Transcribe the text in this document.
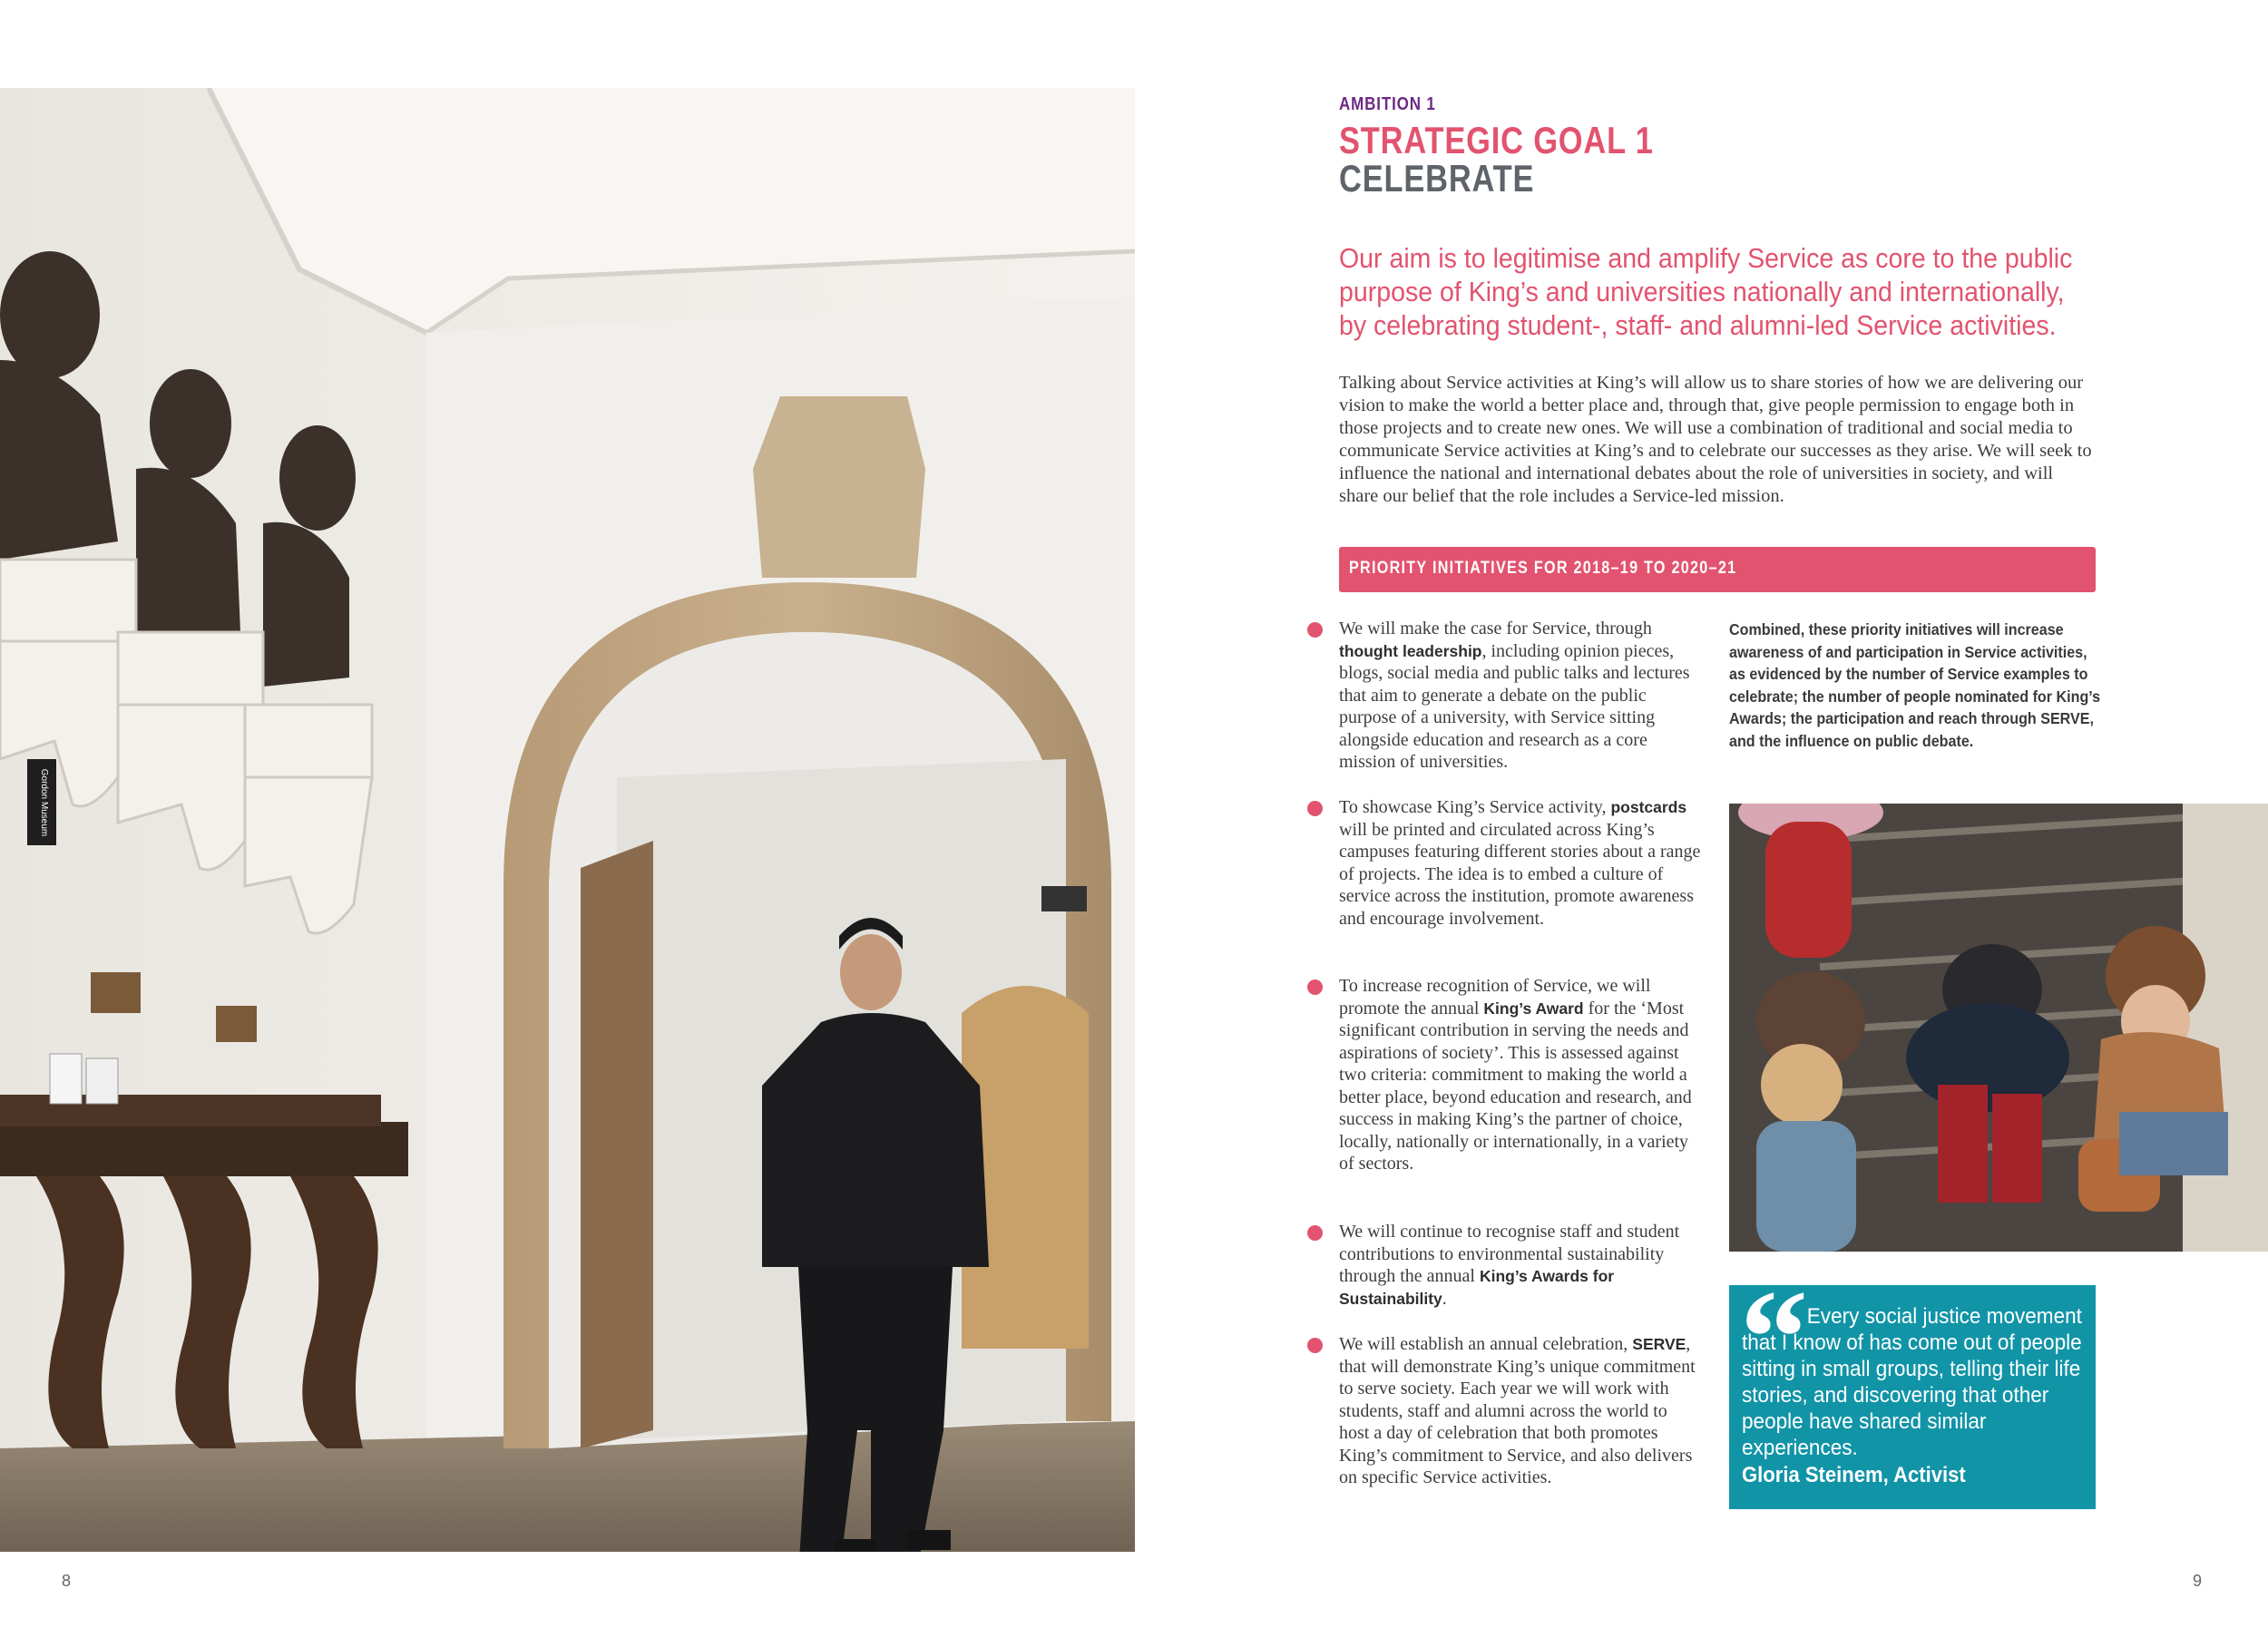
Gordon Museum
8	9
AMBITION 1
STRATEGIC GOAL 1
CELEBRATE
Our aim is to legitimise and amplify Service as core to the public purpose of King’s and universities nationally and internationally, by celebrating student-, staff- and alumni-led Service activities.
Talking about Service activities at King’s will allow us to share stories of how we are delivering our vision to make the world a better place and, through that, give people permission to engage both in those projects and to create new ones. We will use a combination of traditional and social media to communicate Service activities at King’s and to celebrate our successes as they arise. We will seek to influence the national and international debates about the role of universities in society, and will share our belief that the role includes a Service-led mission.
PRIORITY INITIATIVES FOR 2018–19 TO 2020–21
We will make the case for Service, through thought leadership, including opinion pieces, blogs, social media and public talks and lectures that aim to generate a debate on the public purpose of a university, with Service sitting alongside education and research as a core mission of universities.
To showcase King’s Service activity, postcards will be printed and circulated across King’s campuses featuring different stories about a range of projects. The idea is to embed a culture of service across the institution, promote awareness and encourage involvement.
To increase recognition of Service, we will promote the annual King’s Award for the ‘Most significant contribution in serving the needs and aspirations of society’. This is assessed against two criteria: commitment to making the world a better place, beyond education and research, and success in making King’s the partner of choice, locally, nationally or internationally, in a variety of sectors.
We will continue to recognise staff and student contributions to environmental sustainability through the annual King’s Awards for Sustainability.
We will establish an annual celebration, SERVE, that will demonstrate King’s unique commitment to serve society. Each year we will work with students, staff and alumni across the world to host a day of celebration that both promotes King’s commitment to Service, and also delivers on specific Service activities.
Combined, these priority initiatives will increase awareness of and participation in Service activities, as evidenced by the number of Service examples to celebrate; the number of people nominated for King’s Awards; the participation and reach through SERVE, and the influence on public debate.
“
Every social justice movement that I know of has come out of people sitting in small groups, telling their life stories, and discovering that other people have shared similar experiences.
Gloria Steinem, Activist
